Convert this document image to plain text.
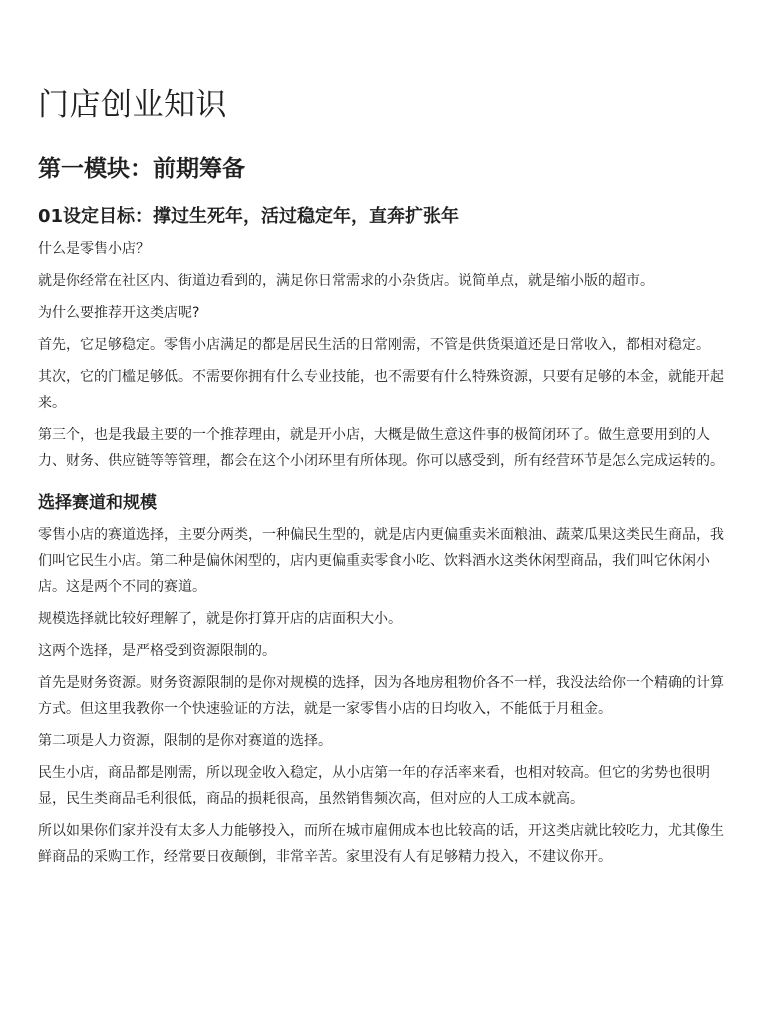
门店创业知识
第一模块：前期筹备
01设定目标：撑过生死年，活过稳定年，直奔扩张年

什么是零售小店？

就是你经常在社区内、街道边看到的，满足你日常需求的小杂货店。说简单点，就是缩小版的超市。

为什么要推荐开这类店呢?

首先，它足够稳定。零售小店满足的都是居民生活的日常刚需，不管是供货渠道还是日常收入，都相对稳定。

其次，它的门槛足够低。不需要你拥有什么专业技能，也不需要有什么特殊资源，只要有足够的本金，就能开起来。

第三个，也是我最主要的一个推荐理由，就是开小店，大概是做生意这件事的极简闭环了。做生意要用到的人力、财务、供应链等等管理，都会在这个小闭环里有所体现。你可以感受到，所有经营环节是怎么完成运转的。

选择赛道和规模

零售小店的赛道选择，主要分两类，一种偏民生型的，就是店内更偏重卖米面粮油、蔬菜瓜果这类民生商品，我们叫它民生小店。第二种是偏休闲型的，店内更偏重卖零食小吃、饮料酒水这类休闲型商品，我们叫它休闲小店。这是两个不同的赛道。

规模选择就比较好理解了，就是你打算开店的店面积大小。

这两个选择，是严格受到资源限制的。

首先是财务资源。财务资源限制的是你对规模的选择，因为各地房租物价各不一样，我没法给你一个精确的计算方式。但这里我教你一个快速验证的方法，就是一家零售小店的日均收入，不能低于月租金。

第二项是人力资源，限制的是你对赛道的选择。

民生小店，商品都是刚需，所以现金收入稳定，从小店第一年的存活率来看，也相对较高。但它的劣势也很明显，民生类商品毛利很低，商品的损耗很高，虽然销售频次高，但对应的人工成本就高。

所以如果你们家并没有太多人力能够投入，而所在城市雇佣成本也比较高的话，开这类店就比较吃力，尤其像生鲜商品的采购工作，经常要日夜颠倒，非常辛苦。家里没有人有足够精力投入，不建议你开。
